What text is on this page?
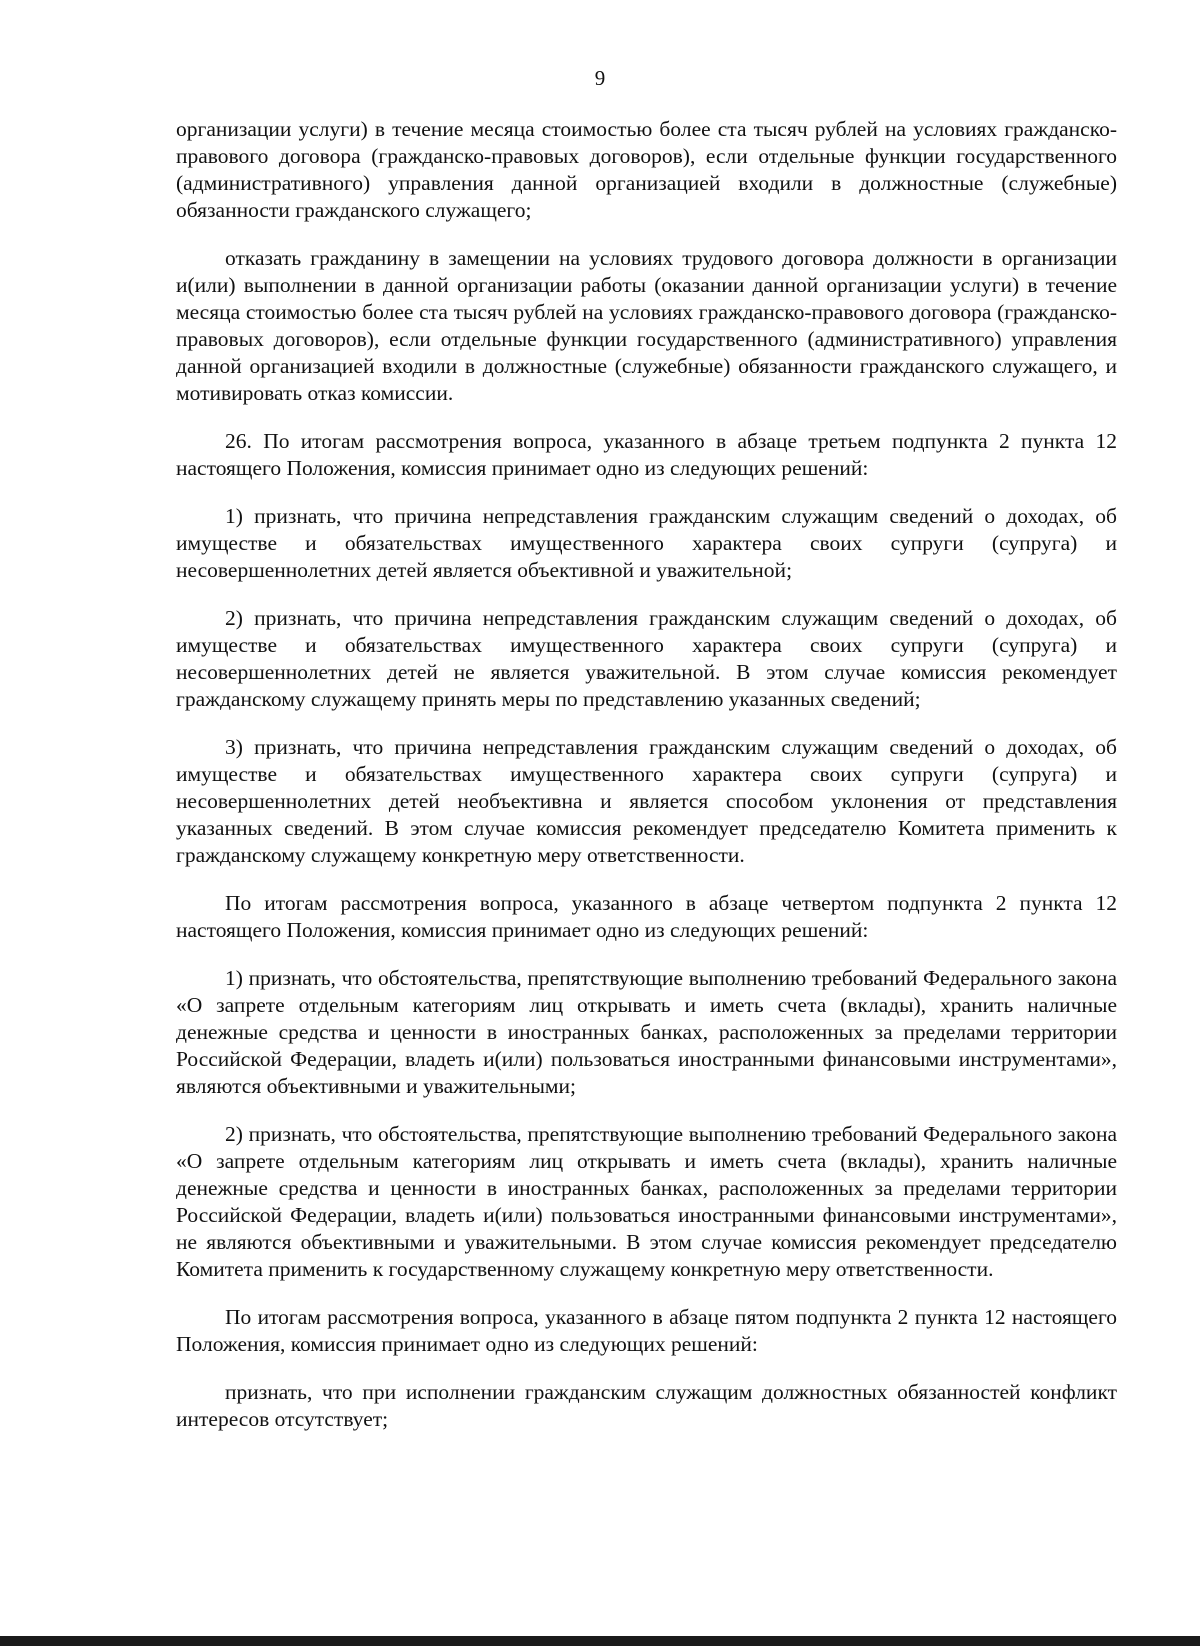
9

организации услуги) в течение месяца стоимостью более ста тысяч рублей на условиях гражданско-правового договора (гражданско-правовых договоров), если отдельные функции государственного (административного) управления данной организацией входили в должностные (служебные) обязанности гражданского служащего;

отказать гражданину в замещении на условиях трудового договора должности в организации и(или) выполнении в данной организации работы (оказании данной организации услуги) в течение месяца стоимостью более ста тысяч рублей на условиях гражданско-правового договора (гражданско-правовых договоров), если отдельные функции государственного (административного) управления данной организацией входили в должностные (служебные) обязанности гражданского служащего, и мотивировать отказ комиссии.

26. По итогам рассмотрения вопроса, указанного в абзаце третьем подпункта 2 пункта 12 настоящего Положения, комиссия принимает одно из следующих решений:

1) признать, что причина непредставления гражданским служащим сведений о доходах, об имуществе и обязательствах имущественного характера своих супруги (супруга) и несовершеннолетних детей является объективной и уважительной;

2) признать, что причина непредставления гражданским служащим сведений о доходах, об имуществе и обязательствах имущественного характера своих супруги (супруга) и несовершеннолетних детей не является уважительной. В этом случае комиссия рекомендует гражданскому служащему принять меры по представлению указанных сведений;

3) признать, что причина непредставления гражданским служащим сведений о доходах, об имуществе и обязательствах имущественного характера своих супруги (супруга) и несовершеннолетних детей необъективна и является способом уклонения от представления указанных сведений. В этом случае комиссия рекомендует председателю Комитета применить к гражданскому служащему конкретную меру ответственности.

По итогам рассмотрения вопроса, указанного в абзаце четвертом подпункта 2 пункта 12 настоящего Положения, комиссия принимает одно из следующих решений:

1) признать, что обстоятельства, препятствующие выполнению требований Федерального закона «О запрете отдельным категориям лиц открывать и иметь счета (вклады), хранить наличные денежные средства и ценности в иностранных банках, расположенных за пределами территории Российской Федерации, владеть и(или) пользоваться иностранными финансовыми инструментами», являются объективными и уважительными;

2) признать, что обстоятельства, препятствующие выполнению требований Федерального закона «О запрете отдельным категориям лиц открывать и иметь счета (вклады), хранить наличные денежные средства и ценности в иностранных банках, расположенных за пределами территории Российской Федерации, владеть и(или) пользоваться иностранными финансовыми инструментами», не являются объективными и уважительными. В этом случае комиссия рекомендует председателю Комитета применить к государственному служащему конкретную меру ответственности.

По итогам рассмотрения вопроса, указанного в абзаце пятом подпункта 2 пункта 12 настоящего Положения, комиссия принимает одно из следующих решений:

признать, что при исполнении гражданским служащим должностных обязанностей конфликт интересов отсутствует;
